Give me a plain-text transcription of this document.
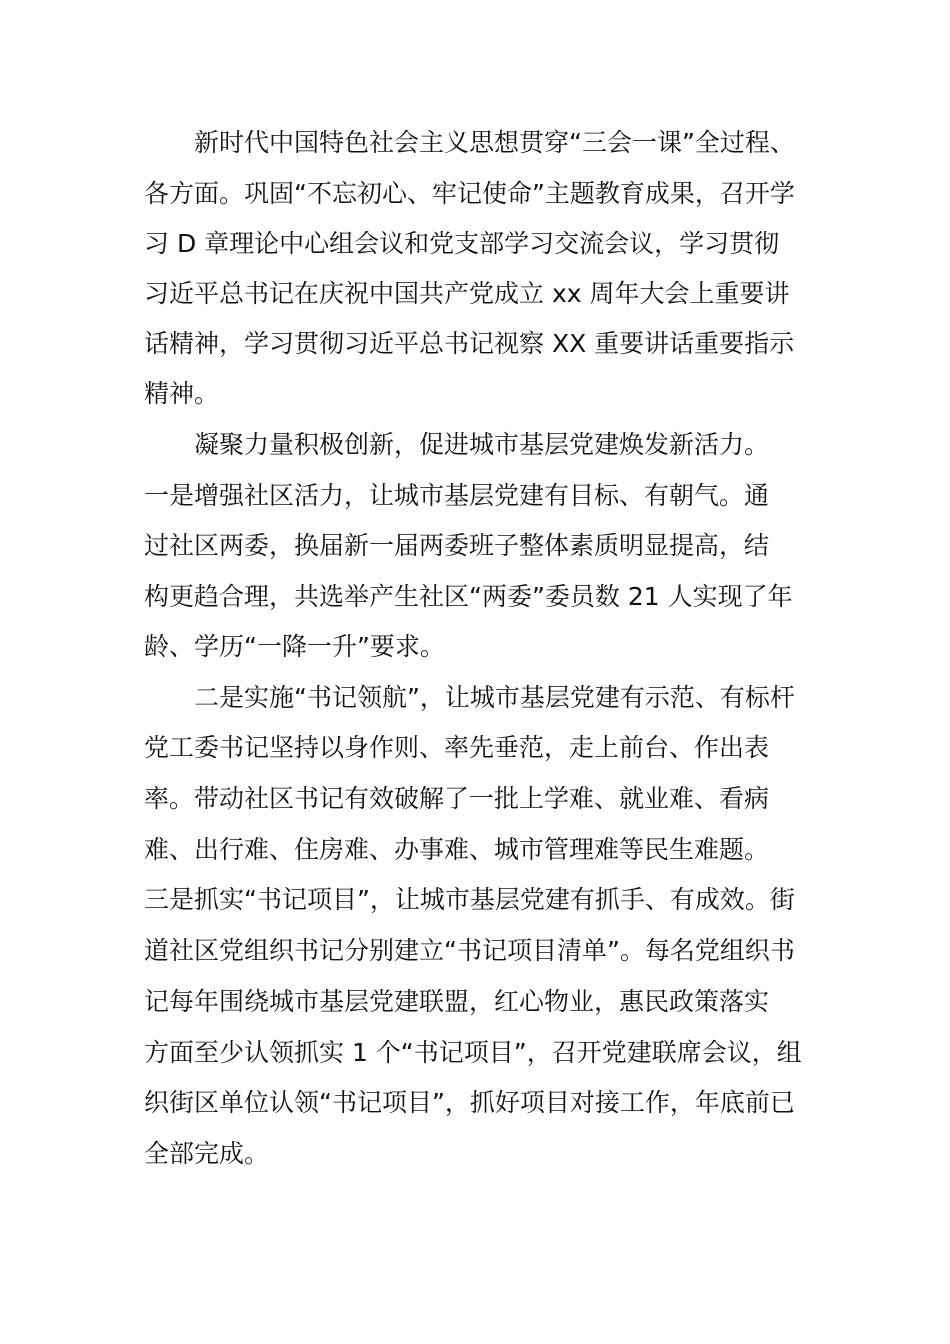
新时代中国特色社会主义思想贯穿“三会一课”全过程、
各方面。巩固“不忘初心、牢记使命”主题教育成果，召开学
习 D 章理论中心组会议和党支部学习交流会议，学习贯彻
习近平总书记在庆祝中国共产党成立 xx 周年大会上重要讲
话精神，学习贯彻习近平总书记视察 XX 重要讲话重要指示
精神。
凝聚力量积极创新，促进城市基层党建焕发新活力。
一是增强社区活力，让城市基层党建有目标、有朝气。通
过社区两委，换届新一届两委班子整体素质明显提高，结
构更趋合理，共选举产生社区“两委”委员数 21 人实现了年
龄、学历“一降一升”要求。
二是实施“书记领航”，让城市基层党建有示范、有标杆
党工委书记坚持以身作则、率先垂范，走上前台、作出表
率。带动社区书记有效破解了一批上学难、就业难、看病
难、出行难、住房难、办事难、城市管理难等民生难题。
三是抓实“书记项目”，让城市基层党建有抓手、有成效。街
道社区党组织书记分别建立“书记项目清单”。每名党组织书
记每年围绕城市基层党建联盟，红心物业，惠民政策落实
方面至少认领抓实 1 个“书记项目”，召开党建联席会议，组
织街区单位认领“书记项目”，抓好项目对接工作，年底前已
全部完成。
